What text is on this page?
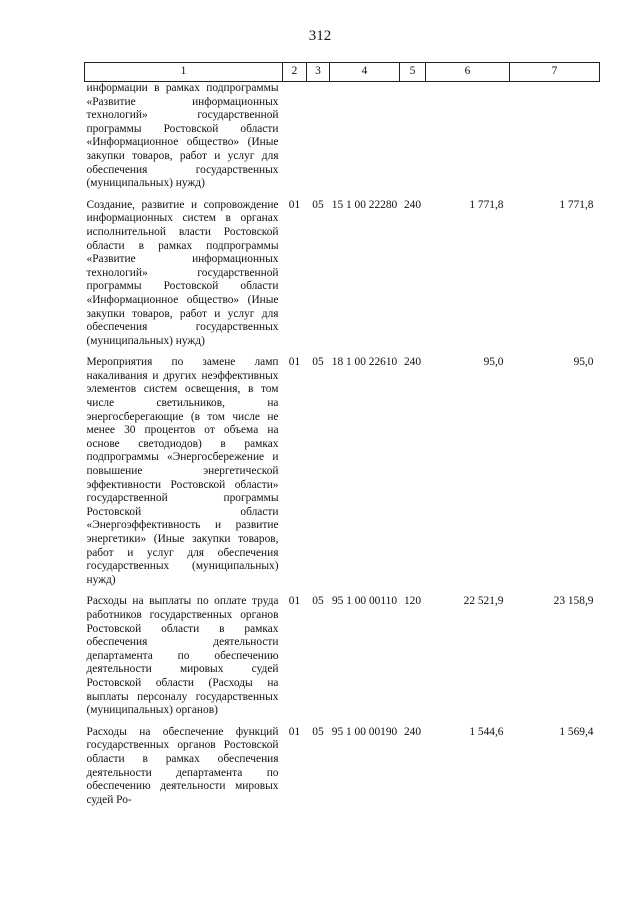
312
1	2	3	4	5	6	7
информации в рамках подпрограммы «Развитие информационных технологий» государственной программы Ростовской области «Информационное общество» (Иные закупки товаров, работ и услуг для обеспечения государственных (муниципальных) нужд)						
Создание, развитие и сопровождение информационных систем в органах исполнительной власти Ростовской области в рамках подпрограммы «Развитие информационных технологий» государственной программы Ростовской области «Информационное общество» (Иные закупки товаров, работ и услуг для обеспечения государственных (муниципальных) нужд)	01	05	15 1 00 22280	240	1 771,8	1 771,8
Мероприятия по замене ламп накаливания и других неэффективных элементов систем освещения, в том числе светильников, на энергосберегающие (в том числе не менее 30 процентов от объема на основе светодиодов) в рамках подпрограммы «Энергосбережение и повышение энергетической эффективности Ростовской области» государственной программы Ростовской области «Энергоэффективность и развитие энергетики» (Иные закупки товаров, работ и услуг для обеспечения государственных (муниципальных) нужд)	01	05	18 1 00 22610	240	95,0	95,0
Расходы на выплаты по оплате труда работников государственных органов Ростовской области в рамках обеспечения деятельности департамента по обеспечению деятельности мировых судей Ростовской области (Расходы на выплаты персоналу государственных (муниципальных) органов)	01	05	95 1 00 00110	120	22 521,9	23 158,9
Расходы на обеспечение функций государственных органов Ростовской области в рамках обеспечения деятельности департамента по обеспечению деятельности мировых судей Ро-	01	05	95 1 00 00190	240	1 544,6	1 569,4
